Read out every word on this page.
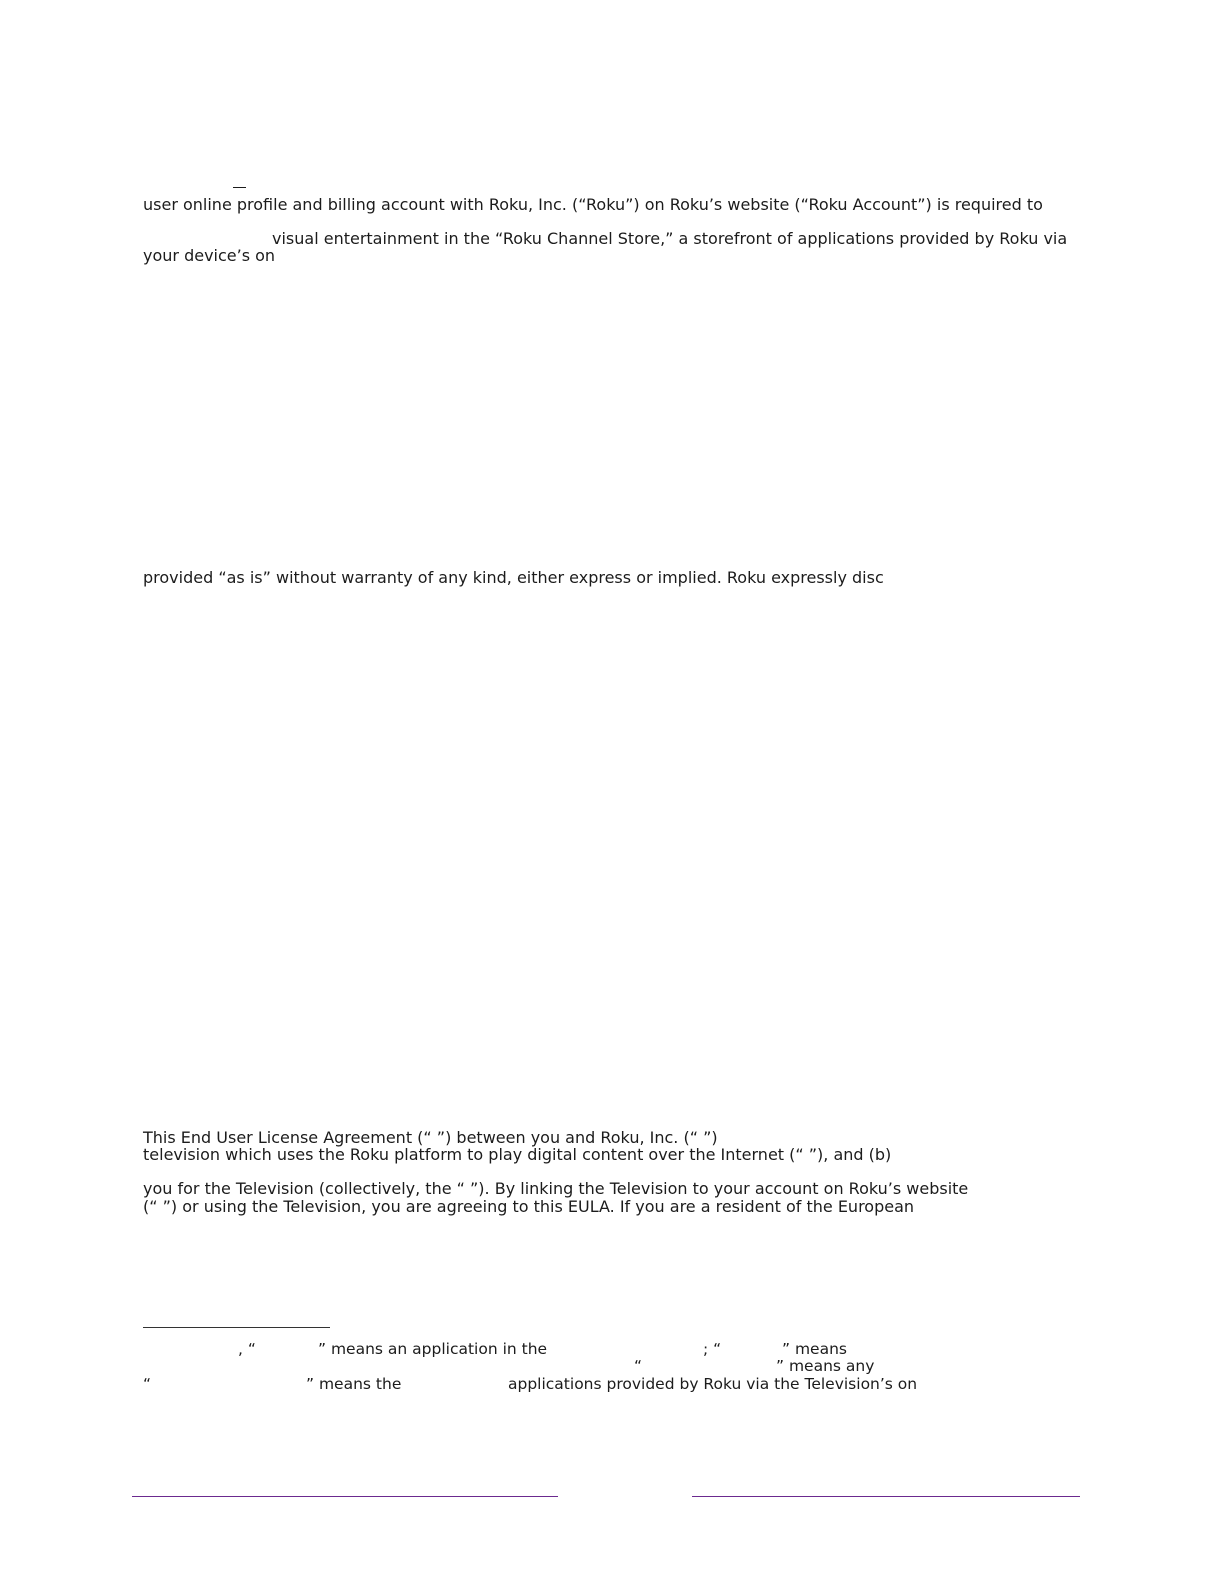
user online profile and billing account with Roku, Inc. (“Roku”) on Roku’s website (“Roku Account”) is required to

visual entertainment in the “Roku Channel Store,” a storefront of applications provided by Roku via

your device’s on

provided “as is” without warranty of any kind, either express or implied. Roku expressly disc

This End User License Agreement (“ ”) between you and Roku, Inc. (“ ”)

television which uses the Roku platform to play digital content over the Internet (“ ”), and (b)

you for the Television (collectively, the “ ”). By linking the Television to your account on Roku’s website

(“ ”) or using the Television, you are agreeing to this EULA. If you are a resident of the European

, “	” means an application in the	; “	” means
“	” means any
“	” means the	applications provided by Roku via the Television’s on
